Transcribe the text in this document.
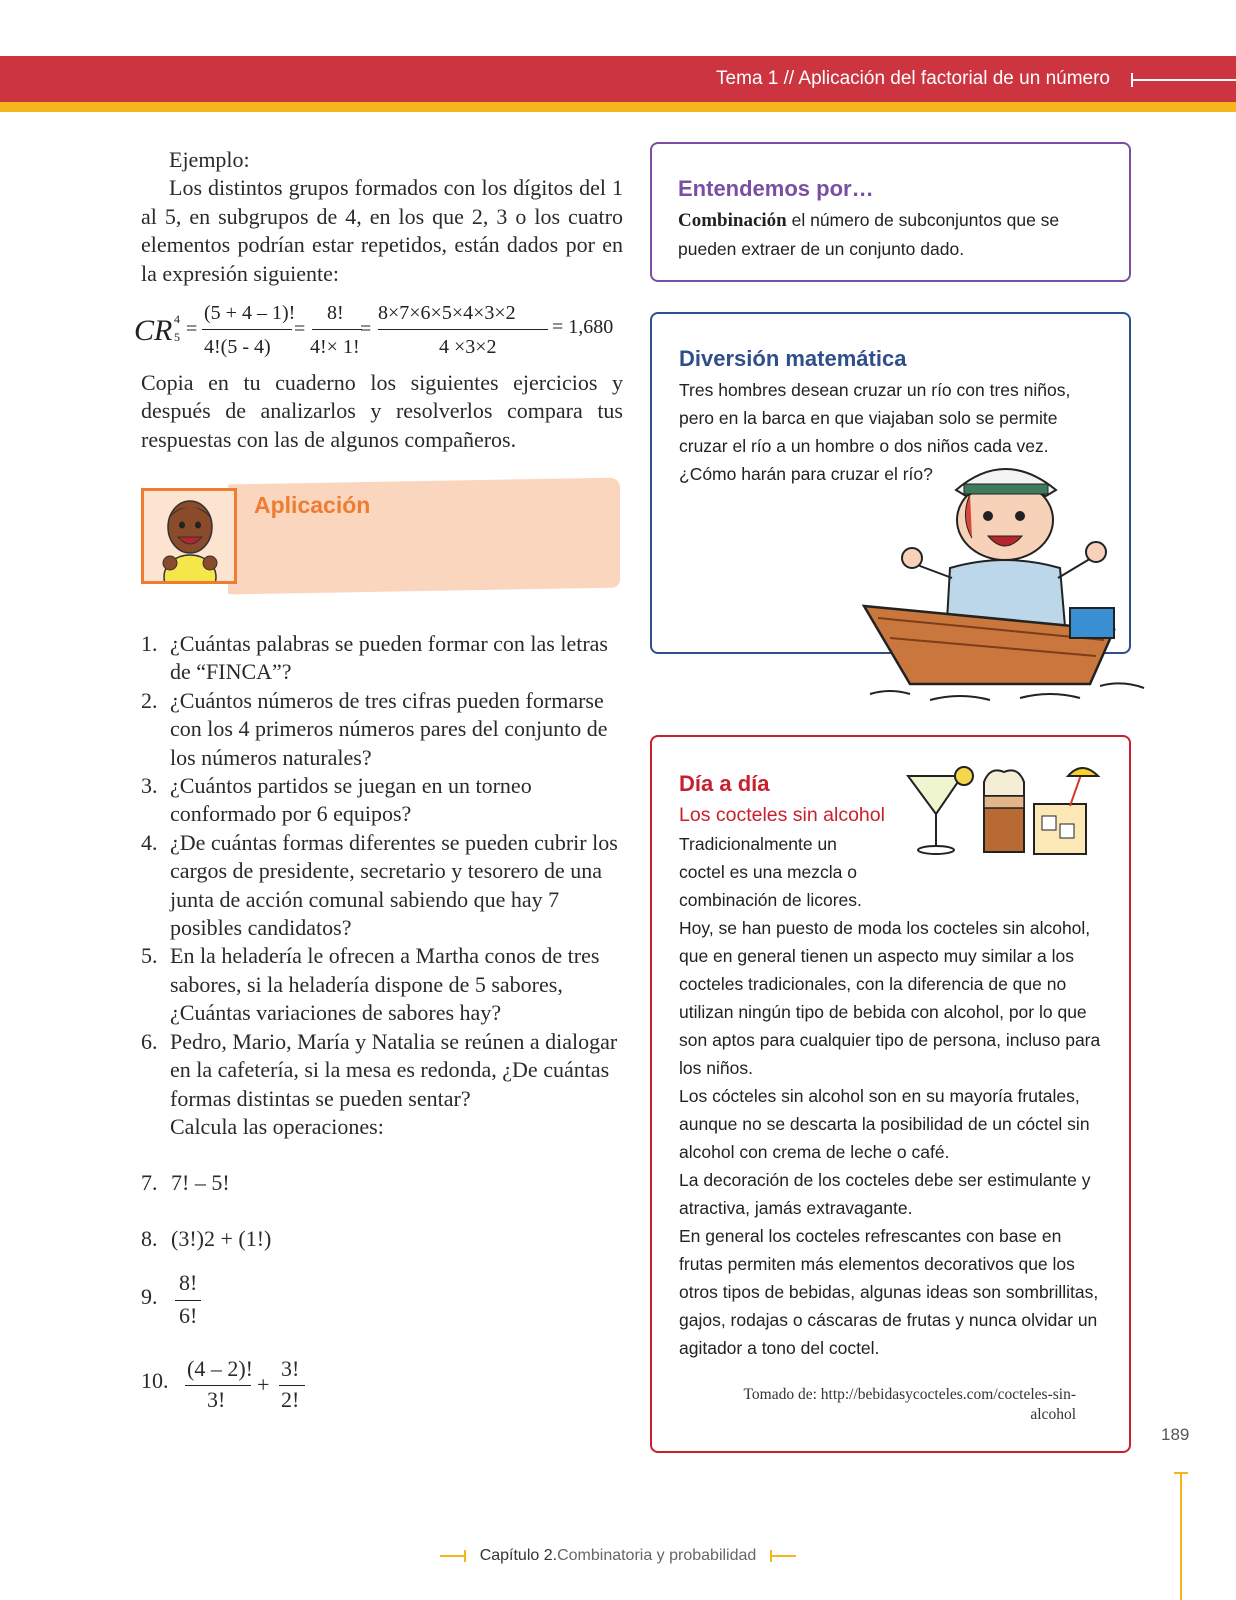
Tema 1 // Aplicación del factorial de un número
Ejemplo:
Los distintos grupos formados con los dígitos del 1 al 5, en subgrupos de 4, en los que 2, 3 o los cuatro elementos podrían estar repetidos, están dados por en la expresión siguiente:
CR 4
5 =
(5 + 4 – 1)!
4!(5 - 4)
=
8!
4!× 1!
=
8×7×6×5×4×3×2
4 ×3×2
= 1,680
Copia en tu cuaderno los siguientes ejercicios y después de analizarlos y resolverlos compara tus respuestas con las de algunos compañeros.
Aplicación
1. ¿Cuántas palabras se pueden formar con las letras de “FINCA”?
2. ¿Cuántos números de tres cifras pueden formarse con los 4 primeros números pares del conjunto de los números naturales?
3. ¿Cuántos partidos se juegan en un torneo conformado por 6 equipos?
4. ¿De cuántas formas diferentes se pueden cubrir los cargos de presidente, secretario y tesorero de una junta de acción comunal sabiendo que hay 7 posibles candidatos?
5. En la heladería le ofrecen a Martha conos de tres sabores, si la heladería dispone de 5 sabores, ¿Cuántas variaciones de sabores hay?
6. Pedro, Mario, María y Natalia se reúnen a dialogar en la cafetería, si la mesa es redonda, ¿De cuántas formas distintas se pueden sentar?
Calcula las operaciones:
7. 7! – 5!
8. (3!)2 + (1!)
9.
8!
6!
10. (4 – 2)!
3!
+
3!
2!
Entendemos por…
Combinación el número de subconjuntos que se pueden extraer de un conjunto dado.
Diversión matemática
Tres hombres desean cruzar un río con tres niños, pero en la barca en que viajaban solo se permite cruzar el río a un hombre o dos niños cada vez.
¿Cómo harán para cruzar el río?
Día a día
Los cocteles sin alcohol
Tradicionalmente un coctel es una mezcla o combinación de licores.
Hoy, se han puesto de moda los cocteles sin alcohol, que en general tienen un aspecto muy similar a los cocteles tradicionales, con la diferencia de que no utilizan ningún tipo de bebida con alcohol, por lo que son aptos para cualquier tipo de persona, incluso para los niños.
Los cócteles sin alcohol son en su mayoría frutales, aunque no se descarta la posibilidad de un cóctel sin alcohol con crema de leche o café.
La decoración de los cocteles debe ser estimulante y atractiva, jamás extravagante.
En general los cocteles refrescantes con base en frutas permiten más elementos decorativos que los otros tipos de bebidas, algunas ideas son sombrillitas, gajos, rodajas o cáscaras de frutas y nunca olvidar un agitador a tono del coctel.
Tomado de: http://bebidasycocteles.com/cocteles-sin-alcohol
189
Capítulo 2.Combinatoria y probabilidad
